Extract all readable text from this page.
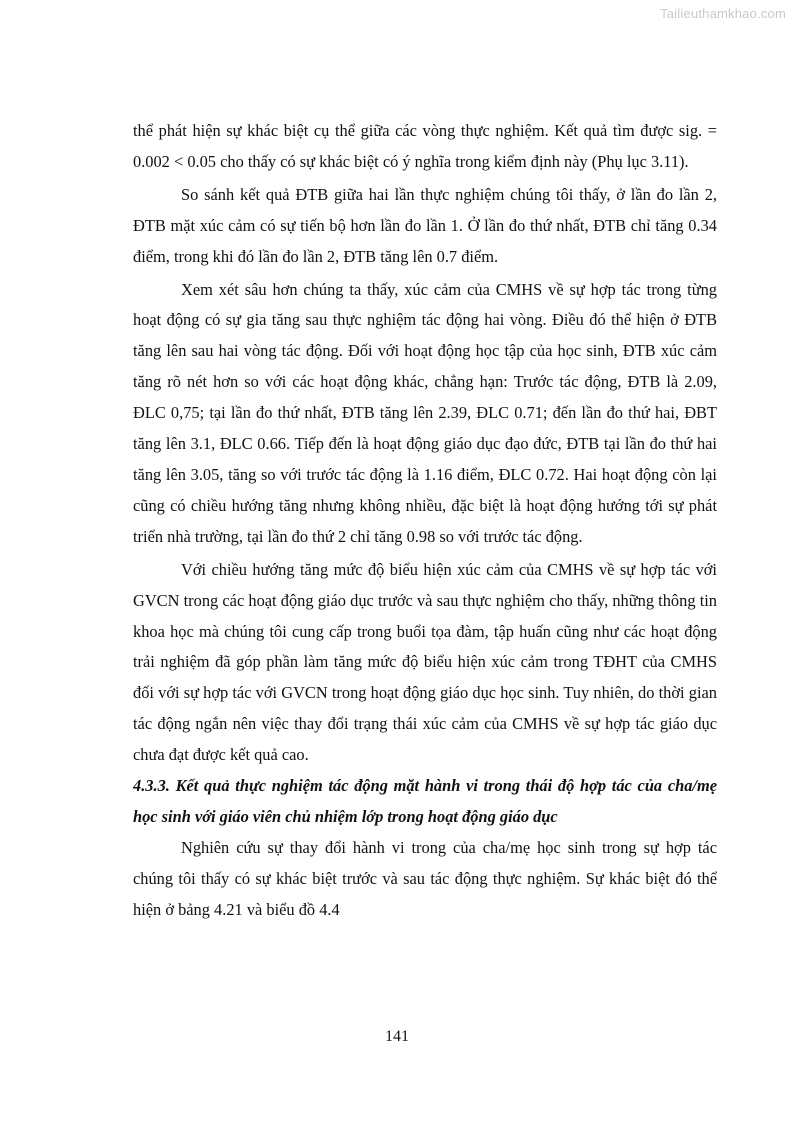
Tailieuthamkhao.com

thể phát hiện sự khác biệt cụ thể giữa các vòng thực nghiệm. Kết quả tìm được sig. = 0.002 < 0.05 cho thấy có sự khác biệt có ý nghĩa trong kiểm định này (Phụ lục 3.11).

So sánh kết quả ĐTB giữa hai lần thực nghiệm chúng tôi thấy, ở lần đo lần 2, ĐTB mặt xúc cảm có sự tiến bộ hơn lần đo lần 1. Ở lần đo thứ nhất, ĐTB chỉ tăng 0.34 điểm, trong khi đó lần đo lần 2, ĐTB tăng lên 0.7 điểm.

Xem xét sâu hơn chúng ta thấy, xúc cảm của CMHS về sự hợp tác trong từng hoạt động có sự gia tăng sau thực nghiệm tác động hai vòng. Điều đó thể hiện ở ĐTB tăng lên sau hai vòng tác động. Đối với hoạt động học tập của học sinh, ĐTB xúc cảm tăng rõ nét hơn so với các hoạt động khác, chẳng hạn: Trước tác động, ĐTB là 2.09, ĐLC 0,75; tại lần đo thứ nhất, ĐTB tăng lên 2.39, ĐLC 0.71; đến lần đo thứ hai, ĐBT tăng lên 3.1, ĐLC 0.66. Tiếp đến là hoạt động giáo dục đạo đức, ĐTB tại lần đo thứ hai tăng lên 3.05, tăng so với trước tác động là 1.16 điểm, ĐLC 0.72. Hai hoạt động còn lại cũng có chiều hướng tăng nhưng không nhiều, đặc biệt là hoạt động hướng tới sự phát triển nhà trường, tại lần đo thứ 2 chỉ tăng 0.98 so với trước tác động.

Với chiều hướng tăng mức độ biểu hiện xúc cảm của CMHS về sự hợp tác với GVCN trong các hoạt động giáo dục trước và sau thực nghiệm cho thấy, những thông tin khoa học mà chúng tôi cung cấp trong buổi tọa đàm, tập huấn cũng như các hoạt động trải nghiệm đã góp phần làm tăng mức độ biểu hiện xúc cảm trong TĐHT của CMHS đối với sự hợp tác với GVCN trong hoạt động giáo dục học sinh. Tuy nhiên, do thời gian tác động ngắn nên việc thay đổi trạng thái xúc cảm của CMHS về sự hợp tác giáo dục chưa đạt được kết quả cao.

4.3.3. Kết quả thực nghiệm tác động mặt hành vi trong thái độ hợp tác của cha/mẹ học sinh với giáo viên chủ nhiệm lớp trong hoạt động giáo dục

Nghiên cứu sự thay đổi hành vi trong của cha/mẹ học sinh trong sự hợp tác chúng tôi thấy có sự khác biệt trước và sau tác động thực nghiệm. Sự khác biệt đó thể hiện ở bảng 4.21 và biểu đồ 4.4

141
